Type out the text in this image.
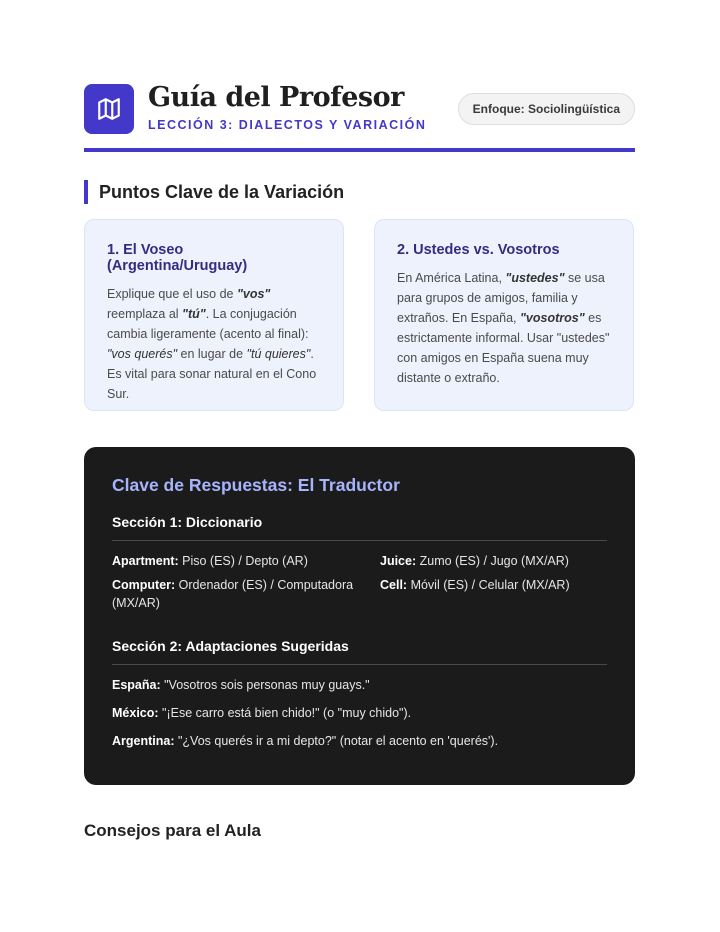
Guía del Profesor
LECCIÓN 3: DIALECTOS Y VARIACIÓN
Enfoque: Sociolingüística
Puntos Clave de la Variación
1. El Voseo (Argentina/Uruguay)

Explique que el uso de "vos" reemplaza al "tú". La conjugación cambia ligeramente (acento al final): "vos querés" en lugar de "tú quieres". Es vital para sonar natural en el Cono Sur.

2. Ustedes vs. Vosotros

En América Latina, "ustedes" se usa para grupos de amigos, familia y extraños. En España, "vosotros" es estrictamente informal. Usar "ustedes" con amigos en España suena muy distante o extraño.

Clave de Respuestas: El Traductor
Sección 1: Diccionario
Apartment: Piso (ES) / Depto (AR)	Juice: Zumo (ES) / Jugo (MX/AR)
Computer: Ordenador (ES) / Computadora (MX/AR)
Cell: Móvil (ES) / Celular (MX/AR)
Sección 2: Adaptaciones Sugeridas
España: "Vosotros sois personas muy guays."
México: "¡Ese carro está bien chido!" (o "muy chido").
Argentina: "¿Vos querés ir a mi depto?" (notar el acento en 'querés').
Consejos para el Aula
